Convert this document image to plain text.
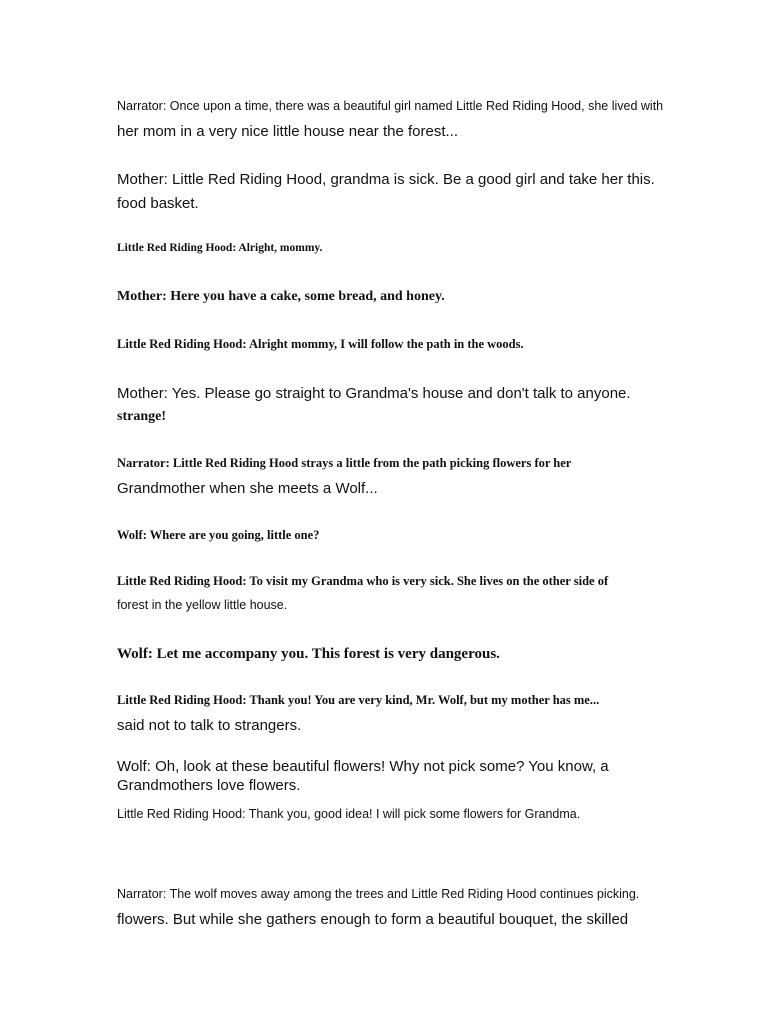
Narrator: Once upon a time, there was a beautiful girl named Little Red Riding Hood, she lived with

her mom in a very nice little house near the forest...

Mother: Little Red Riding Hood, grandma is sick. Be a good girl and take her this.

food basket.

Little Red Riding Hood: Alright, mommy.

Mother: Here you have a cake, some bread, and honey.

Little Red Riding Hood: Alright mommy, I will follow the path in the woods.

Mother: Yes. Please go straight to Grandma's house and don't talk to anyone.

strange!

Narrator: Little Red Riding Hood strays a little from the path picking flowers for her

Grandmother when she meets a Wolf...

Wolf: Where are you going, little one?

Little Red Riding Hood: To visit my Grandma who is very sick. She lives on the other side of

forest in the yellow little house.

Wolf: Let me accompany you. This forest is very dangerous.

Little Red Riding Hood: Thank you! You are very kind, Mr. Wolf, but my mother has me...

said not to talk to strangers.

Wolf: Oh, look at these beautiful flowers! Why not pick some? You know, a

Grandmothers love flowers.

Little Red Riding Hood: Thank you, good idea! I will pick some flowers for Grandma.

Narrator: The wolf moves away among the trees and Little Red Riding Hood continues picking.

flowers. But while she gathers enough to form a beautiful bouquet, the skilled
